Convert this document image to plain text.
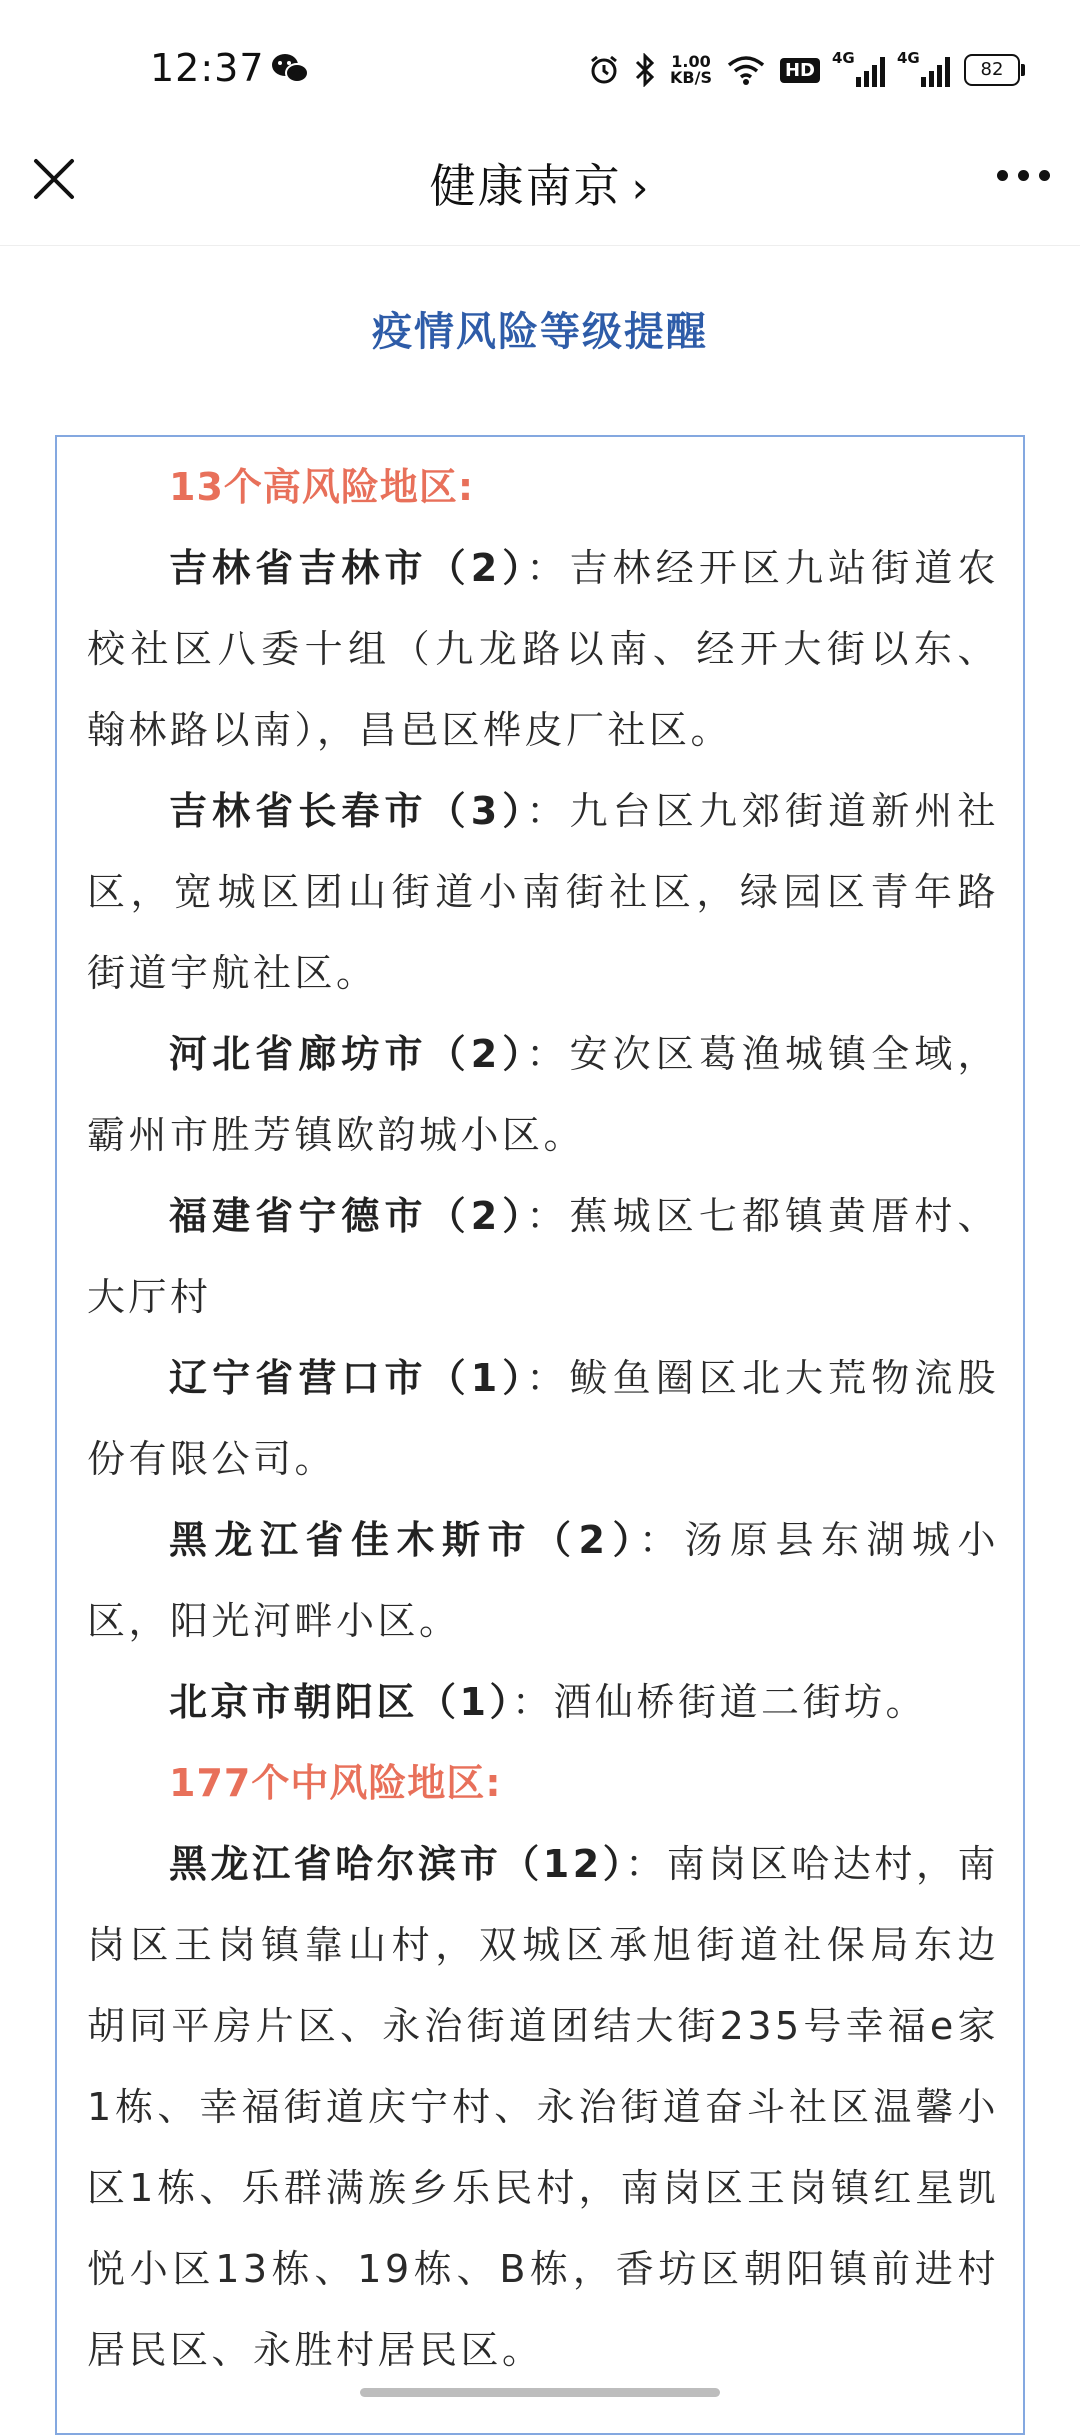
12:37	1.00
KB/S	HD
4G	4G
82
健康南京 ›
疫情风险等级提醒

13个高风险地区:

吉林省吉林市（2）：吉林经开区九站街道农校社区八委十组（九龙路以南、经开大街以东、翰林路以南），昌邑区桦皮厂社区。

吉林省长春市（3）：九台区九郊街道新州社区，宽城区团山街道小南街社区，绿园区青年路街道宇航社区。

河北省廊坊市（2）：安次区葛渔城镇全域，霸州市胜芳镇欧韵城小区。

福建省宁德市（2）：蕉城区七都镇黄厝村、大厅村

辽宁省营口市（1）：鲅鱼圈区北大荒物流股份有限公司。

黑龙江省佳木斯市（2）：汤原县东湖城小区，阳光河畔小区。

北京市朝阳区（1）：酒仙桥街道二街坊。

177个中风险地区:

黑龙江省哈尔滨市（12）：南岗区哈达村，南岗区王岗镇靠山村，双城区承旭街道社保局东边胡同平房片区、永治街道团结大街235号幸福e家1栋、幸福街道庆宁村、永治街道奋斗社区温馨小区1栋、乐群满族乡乐民村，南岗区王岗镇红星凯悦小区13栋、19栋、B栋，香坊区朝阳镇前进村居民区、永胜村居民区。
